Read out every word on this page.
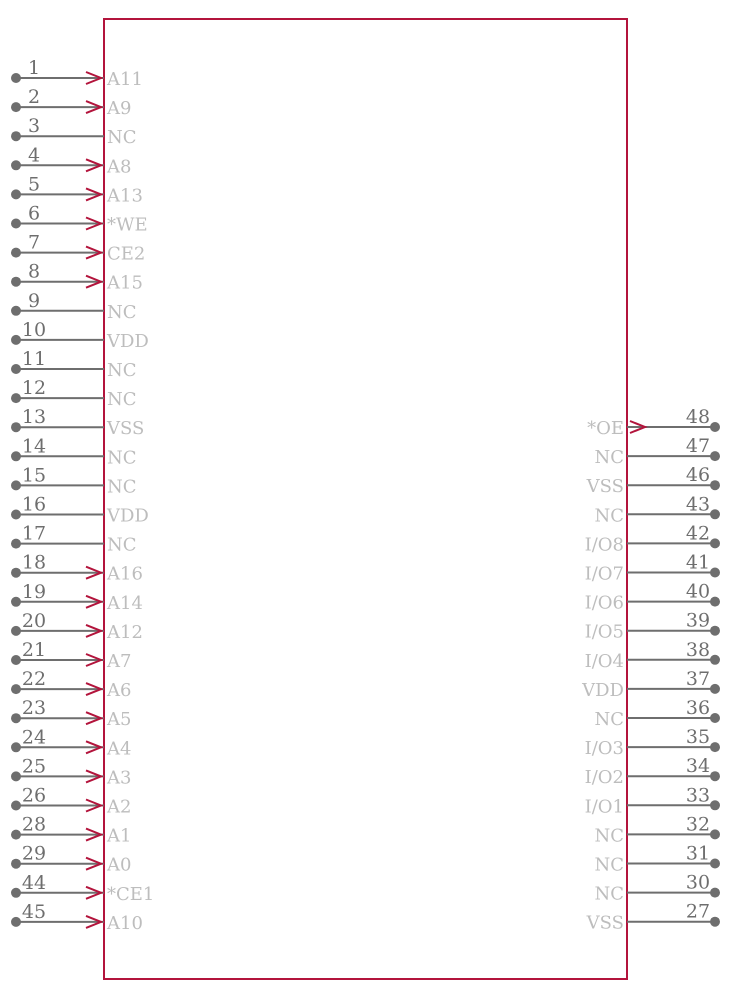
1
A11
2
A9
3
NC
4
A8
5
A13
6
*WE
7
CE2
8
A15
9
NC
10
VDD
11
NC
12
NC
13
VSS
14
NC
15
NC
16
VDD
17
NC
18
A16
19
A14
20
A12
21
A7
22
A6
23
A5
24
A4
25
A3
26
A2
28
A1
29
A0
44
*CE1
45
A10
48
*OE
47
NC
46
VSS
43
NC
42
I/O8
41
I/O7
40
I/O6
39
I/O5
38
I/O4
37
VDD
36
NC
35
I/O3
34
I/O2
33
I/O1
32
NC
31
NC
30
NC
27
VSS
